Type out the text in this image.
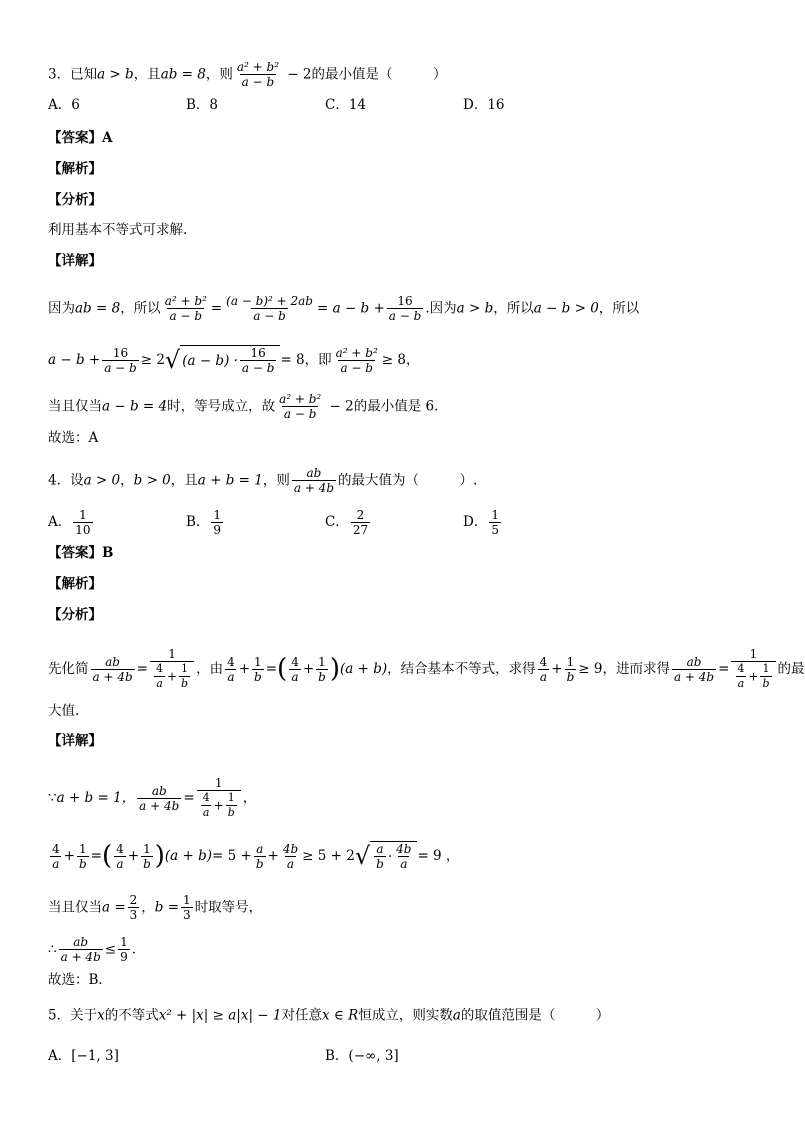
3．已知a > b，且ab = 8，则 $\frac{\text{a² + b²}}{a - b} - 2$的最小值是（　　　）
A．6	B．8	C．14	D．16
【答案】A
【解析】
【分析】
利用基本不等式可求解.
【详解】
因为ab = 8，所以 $\frac{\text{a² + b²}}{a - b} = \frac{\text{(a − b)² + 2ab}}{a - b} = a - b + \frac{16}{a - b}$ .因为a > b，所以a − b > 0，所以
$a - b + \frac{16}{a - b} \ge 2$ √ $(a - b) \cdot \frac{16}{a - b} = 8$，即 $\frac{\text{a² + b²}}{a - b} \ge 8$，
当且仅当a − b = 4时，等号成立，故 $\frac{\text{a² + b²}}{a - b} - 2$的最小值是 6.
故选：A
4．设a > 0，b > 0，且a + b = 1，则 $\frac{ab}{a + 4b}$ 的最大值为（　　　）.
A． $\frac{1}{10}$	B． $\frac{1}{9}$	C． $\frac{2}{27}$	D． $\frac{1}{5}$
【答案】B
【解析】
【分析】
先化简 $\frac{ab}{a + 4b} = \frac{1}{\frac{4}{a} + \frac{1}{b}}$ ，由 $\frac{4}{a} + \frac{1}{b}$ =( $\frac{4}{a} + \frac{1}{b} )(a + b)$，结合基本不等式，求得 $\frac{4}{a} + \frac{1}{b} \ge 9$，进而求得 $\frac{ab}{a + 4b} = \frac{1}{\frac{4}{a} + \frac{1}{b}}$ 的最
大值.
【详解】
∵a + b = 1， $\frac{ab}{a + 4b} = \frac{1}{\frac{4}{a} + \frac{1}{b}}$ ，
$\frac{4}{a} + \frac{1}{b}$ =( $\frac{4}{a} + \frac{1}{b} )(a + b)= 5 + \frac{a}{b} + \frac{4b}{a} \ge 5 + 2$ √ $\frac{a}{b} \cdot \frac{4b}{a} = 9$ ，
当且仅当$a = \frac{2}{3}$ ，$b = \frac{1}{3}$ 时取等号，
∴ $\frac{ab}{a + 4b} \le \frac{1}{9}$ .
故选：B．
5．关于x的不等式x² + |x| ≥ a|x| − 1对任意x ∈ R恒成立，则实数a的取值范围是（　　　）
A．[−1, 3]	B．(−∞, 3]
